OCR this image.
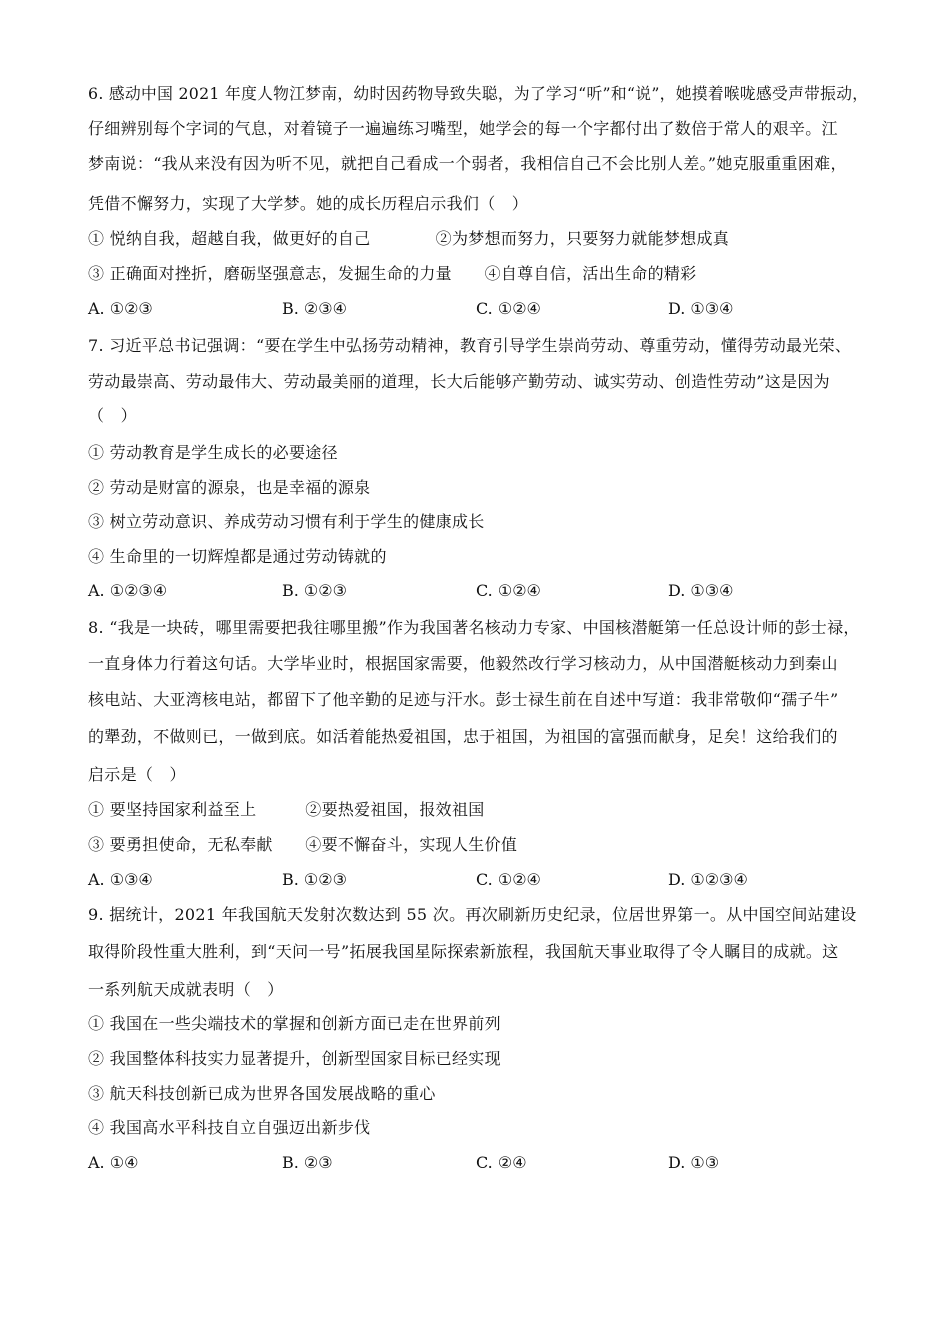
6. 感动中国 2021 年度人物江梦南，幼时因药物导致失聪，为了学习“听”和“说”，她摸着喉咙感受声带振动，
仔细辨别每个字词的气息，对着镜子一遍遍练习嘴型，她学会的每一个字都付出了数倍于常人的艰辛。江
梦南说：“我从来没有因为听不见，就把自己看成一个弱者，我相信自己不会比别人差。”她克服重重困难，
凭借不懈努力，实现了大学梦。她的成长历程启示我们（　）
① 悦纳自我，超越自我，做更好的自己　　　　②为梦想而努力，只要努力就能梦想成真
③ 正确面对挫折，磨砺坚强意志，发掘生命的力量　　④自尊自信，活出生命的精彩
A. ①②③	B. ②③④	C. ①②④	D. ①③④
7. 习近平总书记强调：“要在学生中弘扬劳动精神，教育引导学生崇尚劳动、尊重劳动，懂得劳动最光荣、
劳动最崇高、劳动最伟大、劳动最美丽的道理，长大后能够产勤劳动、诚实劳动、创造性劳动”这是因为
（　）
① 劳动教育是学生成长的必要途径
② 劳动是财富的源泉，也是幸福的源泉
③ 树立劳动意识、养成劳动习惯有利于学生的健康成长
④ 生命里的一切辉煌都是通过劳动铸就的
A. ①②③④	B. ①②③	C. ①②④	D. ①③④
8. “我是一块砖，哪里需要把我往哪里搬”作为我国著名核动力专家、中国核潜艇第一任总设计师的彭士禄，
一直身体力行着这句话。大学毕业时，根据国家需要，他毅然改行学习核动力，从中国潜艇核动力到秦山
核电站、大亚湾核电站，都留下了他辛勤的足迹与汗水。彭士禄生前在自述中写道：我非常敬仰“孺子牛”
的犟劲，不做则已，一做到底。如活着能热爱祖国，忠于祖国，为祖国的富强而献身，足矣！这给我们的
启示是（　）
① 要坚持国家利益至上　　　②要热爱祖国，报效祖国
③ 要勇担使命，无私奉献　　④要不懈奋斗，实现人生价值
A. ①③④	B. ①②③	C. ①②④	D. ①②③④
9. 据统计，2021 年我国航天发射次数达到 55 次。再次刷新历史纪录，位居世界第一。从中国空间站建设
取得阶段性重大胜利，到“天问一号”拓展我国星际探索新旅程，我国航天事业取得了令人瞩目的成就。这
一系列航天成就表明（　）
① 我国在一些尖端技术的掌握和创新方面已走在世界前列
② 我国整体科技实力显著提升，创新型国家目标已经实现
③ 航天科技创新已成为世界各国发展战略的重心
④ 我国高水平科技自立自强迈出新步伐
A. ①④	B. ②③	C. ②④	D. ①③
